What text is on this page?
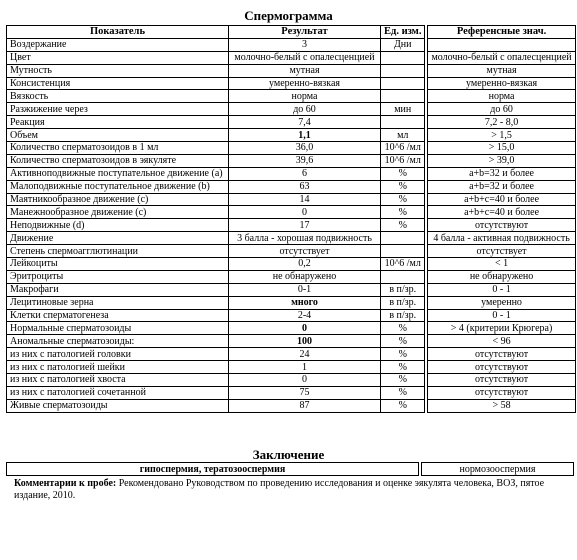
Спермограмма
Показатель	Результат	Ед. изм.		Референсные знач.
Воздержание	3	Дни		
Цвет	молочно-белый с опалесценцией			молочно-белый с опалесценцией
Мутность	мутная			мутная
Консистенция	умеренно-вязкая			умеренно-вязкая
Вязкость	норма			норма
Разжижение через	до 60	мин		до 60
Реакция	7,4			7,2 - 8,0
Объем	1,1	мл		> 1,5
Количество сперматозоидов в 1 мл	36,0	10^6 /мл		> 15,0
Количество сперматозоидов в эякуляте	39,6	10^6 /мл		> 39,0
Активноподвижные поступательное движение (a)	6	%		a+b=32 и более
Малоподвижные поступательное движение (b)	63	%		a+b=32 и более
Маятникообразное движение (c)	14	%		a+b+c=40 и более
Манежнообразное движение (c)	0	%		a+b+c=40 и более
Неподвижные (d)	17	%		отсутствуют
Движение	3 балла - хорошая подвижность			4 балла - активная подвижность
Степень спермоагглютинации	отсутствует			отсутствует
Лейкоциты	0,2	10^6 /мл		< 1
Эритроциты	не обнаружено			не обнаружено
Макрофаги	0-1	в п/зр.		0 - 1
Лецитиновые зерна	много	в п/зр.		умеренно
Клетки сперматогенеза	2-4	в п/зр.		0 - 1
Нормальные сперматозоиды	0	%		> 4 (критерии Крюгера)
Аномальные сперматозоиды:	100	%		< 96
из них с патологией головки	24	%		отсутствуют
из них с патологией шейки	1	%		отсутствуют
из них с патологией хвоста	0	%		отсутствуют
из них с патологией сочетанной	75	%		отсутствуют
Живые сперматозоиды	87	%		> 58
Заключение
гипоспермия, тератозооспермия		нормозооспермия
Комментарии к пробе: Рекомендовано Руководством по проведению исследования и оценке эякулята человека, ВОЗ, пятое издание, 2010.
